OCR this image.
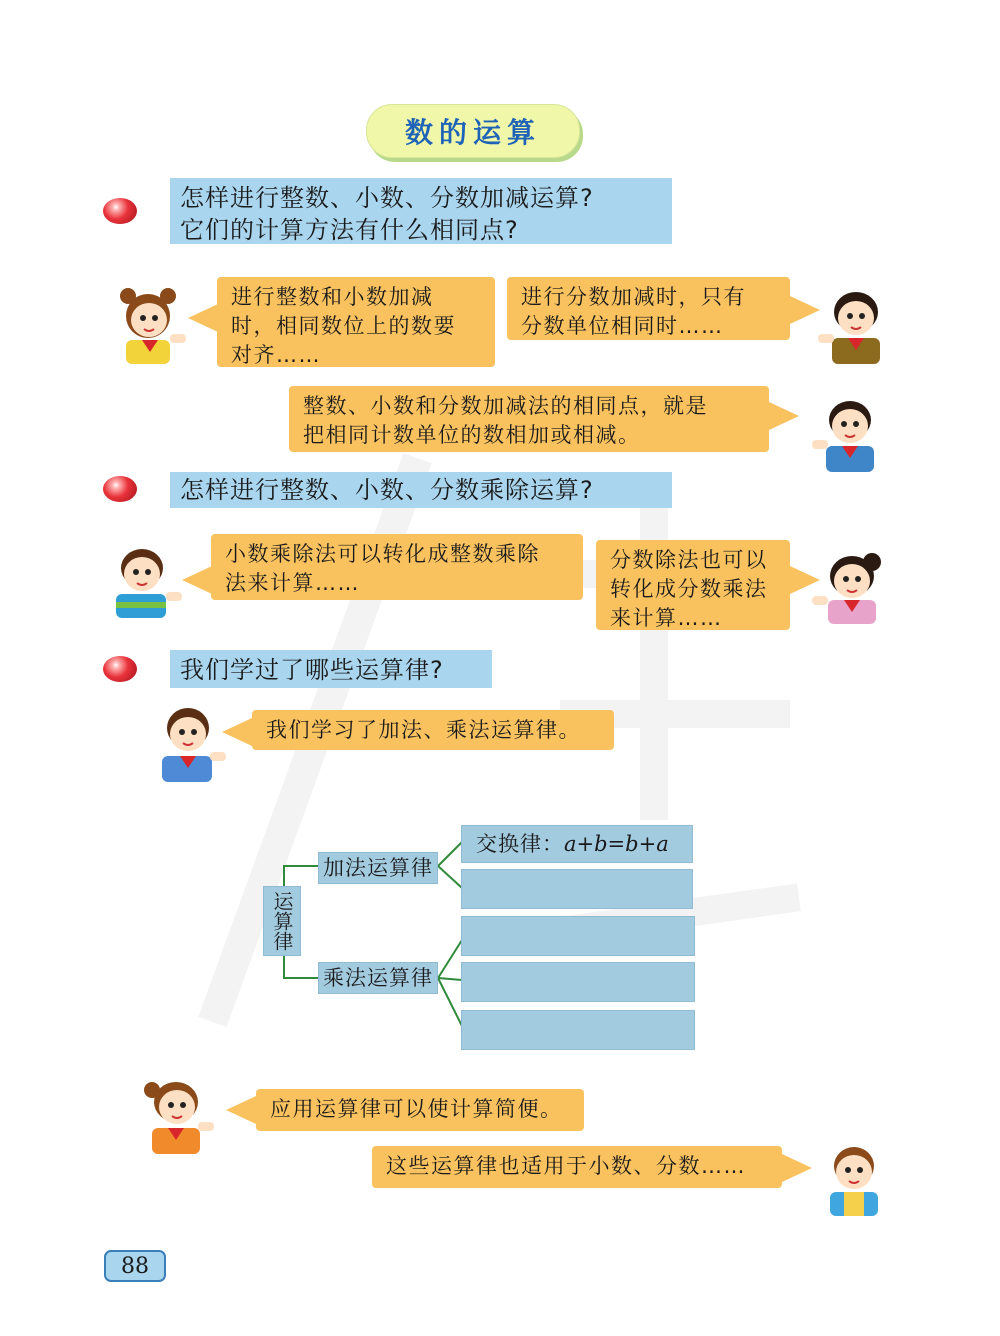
数的运算
怎样进行整数、小数、分数加减运算?
它们的计算方法有什么相同点?
进行整数和小数加减
时，相同数位上的数要
对齐……
进行分数加减时，只有
分数单位相同时……
整数、小数和分数加减法的相同点，就是
把相同计数单位的数相加或相减。
怎样进行整数、小数、分数乘除运算?
小数乘除法可以转化成整数乘除
法来计算……
分数除法也可以
转化成分数乘法
来计算……
我们学过了哪些运算律?
我们学习了加法、乘法运算律。
运算律
加法运算律
乘法运算律
交换律： a+b=b+a
应用运算律可以使计算简便。
这些运算律也适用于小数、分数……
88
